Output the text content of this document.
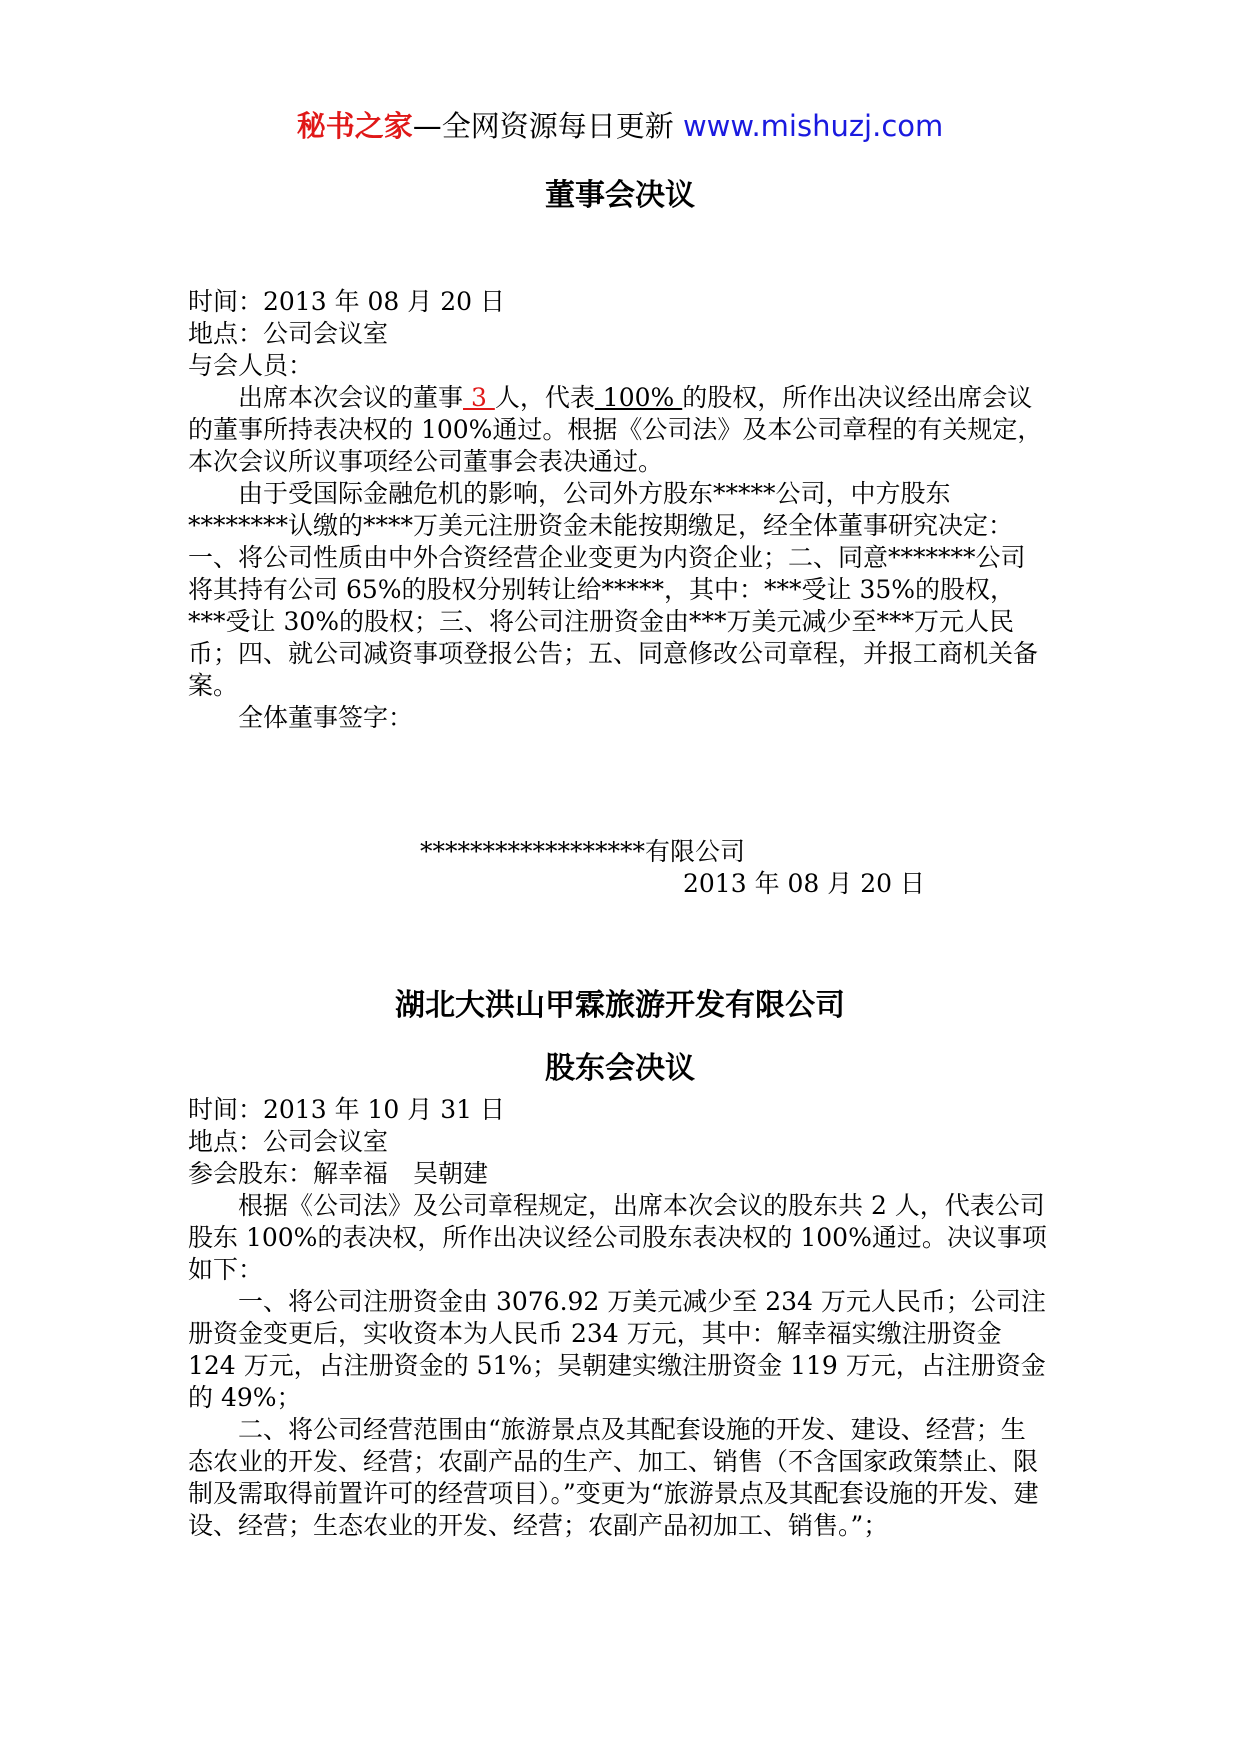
秘书之家—全网资源每日更新 www.mishuzj.com
董事会决议

时间：2013 年 08 月 20 日

地点：公司会议室

与会人员：

出席本次会议的董事 3 人，代表 100% 的股权，所作出决议经出席会议的董事所持表决权的 100%通过。根据《公司法》及本公司章程的有关规定，本次会议所议事项经公司董事会表决通过。

由于受国际金融危机的影响，公司外方股东*****公司，中方股东********认缴的****万美元注册资金未能按期缴足，经全体董事研究决定：一、将公司性质由中外合资经营企业变更为内资企业；二、同意*******公司将其持有公司 65%的股权分别转让给*****，其中：***受让 35%的股权，***受让 30%的股权；三、将公司注册资金由***万美元减少至***万元人民币；四、就公司减资事项登报公告；五、同意修改公司章程，并报工商机关备案。

全体董事签字：

******************有限公司
2013 年 08 月 20 日
湖北大洪山甲霖旅游开发有限公司
股东会决议

时间：2013 年 10 月 31 日

地点：公司会议室

参会股东：解幸福　吴朝建

根据《公司法》及公司章程规定，出席本次会议的股东共 2 人，代表公司股东 100%的表决权，所作出决议经公司股东表决权的 100%通过。决议事项如下：

一、将公司注册资金由 3076.92 万美元减少至 234 万元人民币；公司注册资金变更后，实收资本为人民币 234 万元，其中：解幸福实缴注册资金 124 万元，占注册资金的 51%；吴朝建实缴注册资金 119 万元，占注册资金的 49%；

二、将公司经营范围由“旅游景点及其配套设施的开发、建设、经营；生态农业的开发、经营；农副产品的生产、加工、销售（不含国家政策禁止、限制及需取得前置许可的经营项目）。”变更为“旅游景点及其配套设施的开发、建设、经营；生态农业的开发、经营；农副产品初加工、销售。”；
